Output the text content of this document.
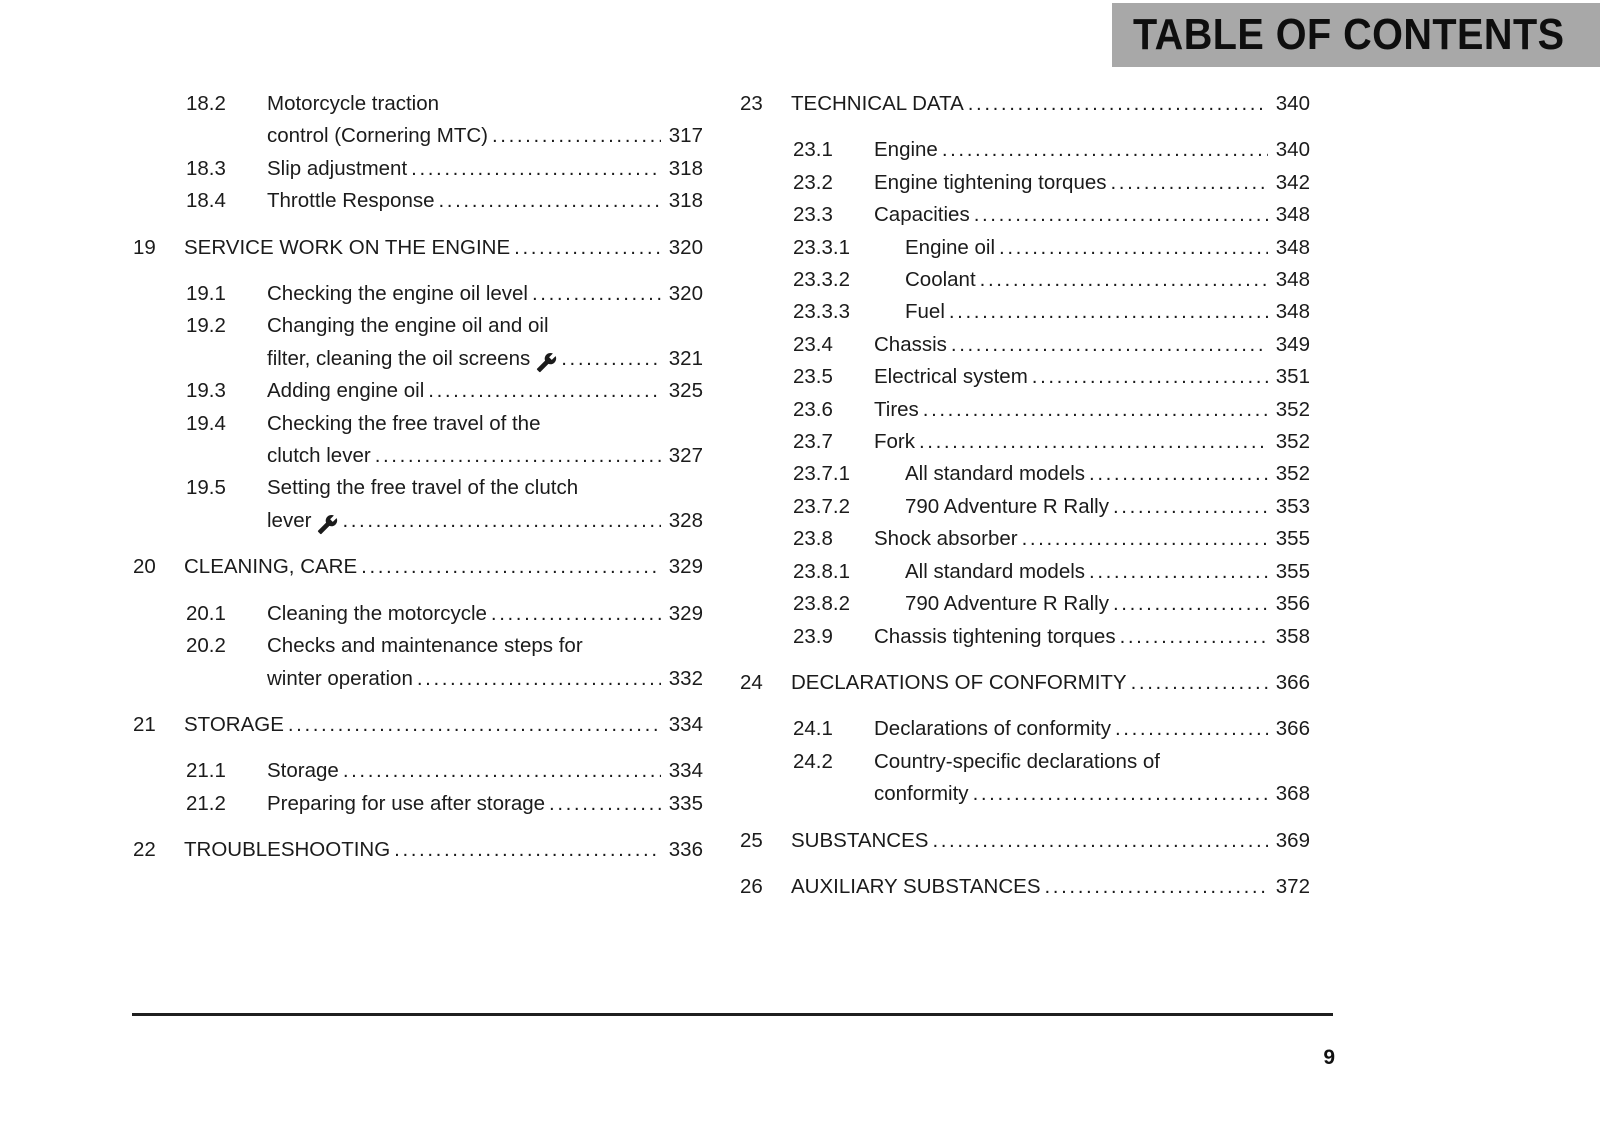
TABLE OF CONTENTS
18.2	Motorcycle traction
control (Cornering MTC) .....	317
18.3	Slip adjustment .....	318
18.4	Throttle Response .....	318
19	SERVICE WORK ON THE ENGINE .....	320
19.1	Checking the engine oil level .....	320
19.2	Changing the engine oil and oil
filter, cleaning the oil screens .....	321
19.3	Adding engine oil .....	325
19.4	Checking the free travel of the
clutch lever .....	327
19.5	Setting the free travel of the clutch
lever .....	328
20	CLEANING, CARE .....	329
20.1	Cleaning the motorcycle .....	329
20.2	Checks and maintenance steps for
winter operation .....	332
21	STORAGE .....	334
21.1	Storage .....	334
21.2	Preparing for use after storage .....	335
22	TROUBLESHOOTING .....	336
23	TECHNICAL DATA .....	340
23.1	Engine .....	340
23.2	Engine tightening torques .....	342
23.3	Capacities .....	348
23.3.1	Engine oil .....	348
23.3.2	Coolant .....	348
23.3.3	Fuel .....	348
23.4	Chassis .....	349
23.5	Electrical system .....	351
23.6	Tires .....	352
23.7	Fork .....	352
23.7.1	All standard models .....	352
23.7.2	790 Adventure R Rally .....	353
23.8	Shock absorber .....	355
23.8.1	All standard models .....	355
23.8.2	790 Adventure R Rally .....	356
23.9	Chassis tightening torques .....	358
24	DECLARATIONS OF CONFORMITY .....	366
24.1	Declarations of conformity .....	366
24.2	Country-specific declarations of
conformity .....	368
25	SUBSTANCES .....	369
26	AUXILIARY SUBSTANCES .....	372
9
